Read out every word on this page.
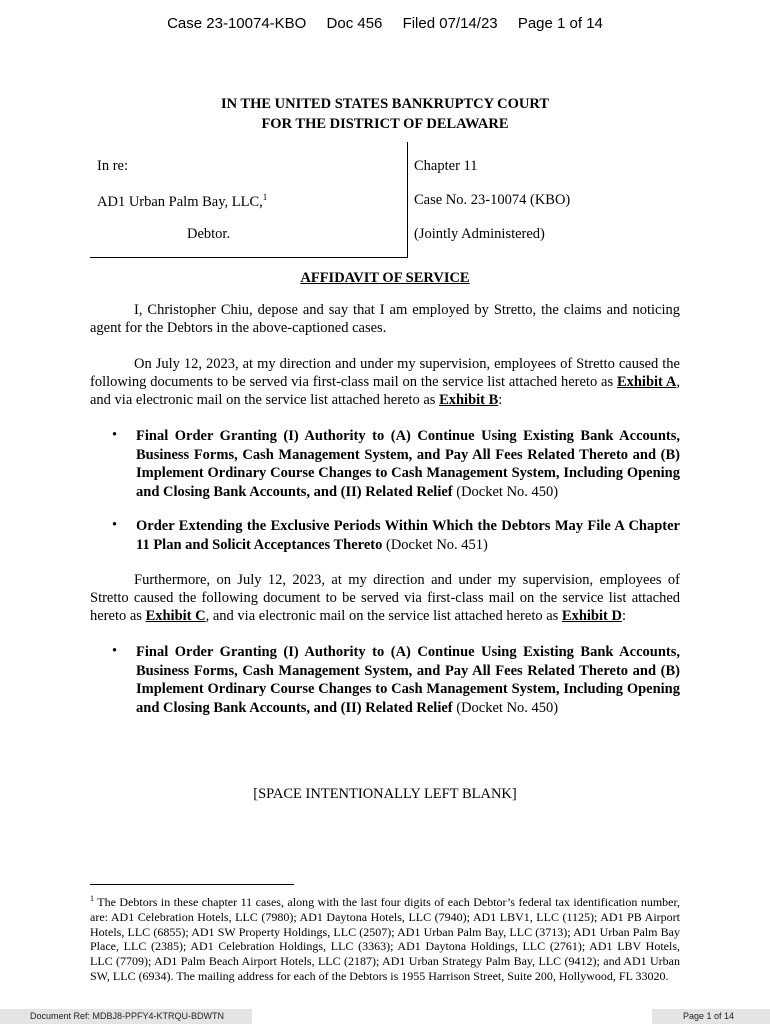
Case 23-10074-KBO Doc 456 Filed 07/14/23 Page 1 of 14
IN THE UNITED STATES BANKRUPTCY COURT
FOR THE DISTRICT OF DELAWARE
In re:
AD1 Urban Palm Bay, LLC,$^1$
Debtor.
Chapter 11
Case No. 23-10074 (KBO)
(Jointly Administered)
AFFIDAVIT OF SERVICE
I, Christopher Chiu, depose and say that I am employed by Stretto, the claims and noticing agent for the Debtors in the above-captioned cases.
On July 12, 2023, at my direction and under my supervision, employees of Stretto caused the following documents to be served via first-class mail on the service list attached hereto as Exhibit A, and via electronic mail on the service list attached hereto as Exhibit B:
• Final Order Granting (I) Authority to (A) Continue Using Existing Bank Accounts, Business Forms, Cash Management System, and Pay All Fees Related Thereto and (B) Implement Ordinary Course Changes to Cash Management System, Including Opening and Closing Bank Accounts, and (II) Related Relief (Docket No. 450)
• Order Extending the Exclusive Periods Within Which the Debtors May File A Chapter 11 Plan and Solicit Acceptances Thereto (Docket No. 451)
Furthermore, on July 12, 2023, at my direction and under my supervision, employees of Stretto caused the following document to be served via first-class mail on the service list attached hereto as Exhibit C, and via electronic mail on the service list attached hereto as Exhibit D:
• Final Order Granting (I) Authority to (A) Continue Using Existing Bank Accounts, Business Forms, Cash Management System, and Pay All Fees Related Thereto and (B) Implement Ordinary Course Changes to Cash Management System, Including Opening and Closing Bank Accounts, and (II) Related Relief (Docket No. 450)
[SPACE INTENTIONALLY LEFT BLANK]
$^1$ The Debtors in these chapter 11 cases, along with the last four digits of each Debtor’s federal tax identification number, are: AD1 Celebration Hotels, LLC (7980); AD1 Daytona Hotels, LLC (7940); AD1 LBV1, LLC (1125); AD1 PB Airport Hotels, LLC (6855); AD1 SW Property Holdings, LLC (2507); AD1 Urban Palm Bay, LLC (3713); AD1 Urban Palm Bay Place, LLC (2385); AD1 Celebration Holdings, LLC (3363); AD1 Daytona Holdings, LLC (2761); AD1 LBV Hotels, LLC (7709); AD1 Palm Beach Airport Hotels, LLC (2187); AD1 Urban Strategy Palm Bay, LLC (9412); and AD1 Urban SW, LLC (6934). The mailing address for each of the Debtors is 1955 Harrison Street, Suite 200, Hollywood, FL 33020.
Document Ref: MDBJ8-PPFY4-KTRQU-BDWTN	Page 1 of 14
